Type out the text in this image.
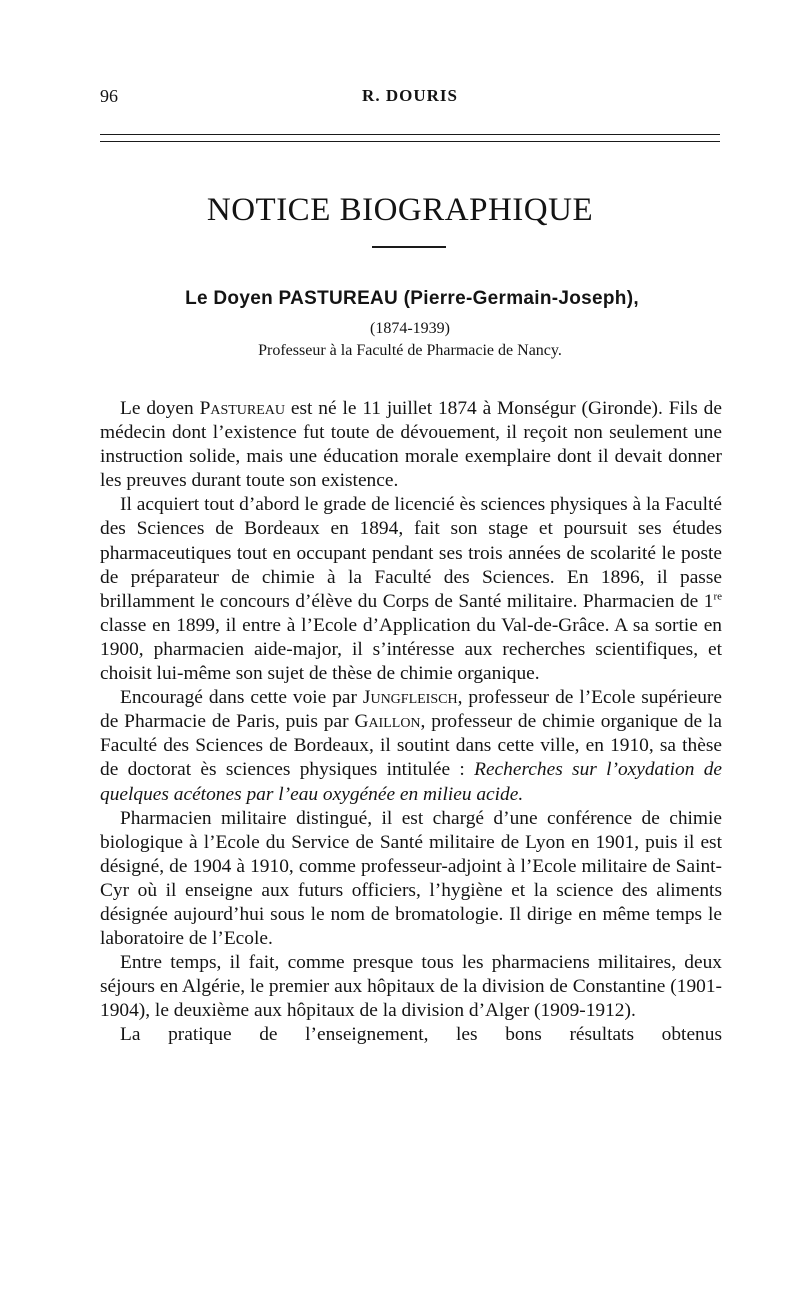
96	R. DOURIS
NOTICE BIOGRAPHIQUE
Le Doyen PASTUREAU (Pierre-Germain-Joseph),
(1874-1939)
Professeur à la Faculté de Pharmacie de Nancy.

Le doyen Pastureau est né le 11 juillet 1874 à Monségur (Gironde). Fils de médecin dont l’existence fut toute de dévouement, il reçoit non seulement une instruction solide, mais une éducation morale exemplaire dont il devait donner les preuves durant toute son existence.

Il acquiert tout d’abord le grade de licencié ès sciences physiques à la Faculté des Sciences de Bordeaux en 1894, fait son stage et poursuit ses études pharmaceutiques tout en occupant pendant ses trois années de scolarité le poste de préparateur de chimie à la Faculté des Sciences. En 1896, il passe brillamment le concours d’élève du Corps de Santé militaire. Pharmacien de 1re classe en 1899, il entre à l’Ecole d’Application du Val-de-Grâce. A sa sortie en 1900, pharmacien aide-major, il s’intéresse aux recherches scientifiques, et choisit lui-même son sujet de thèse de chimie organique.

Encouragé dans cette voie par Jungfleisch, professeur de l’Ecole supérieure de Pharmacie de Paris, puis par Gaillon, professeur de chimie organique de la Faculté des Sciences de Bordeaux, il soutint dans cette ville, en 1910, sa thèse de doctorat ès sciences physiques intitulée : Recherches sur l’oxydation de quelques acétones par l’eau oxygénée en milieu acide.

Pharmacien militaire distingué, il est chargé d’une conférence de chimie biologique à l’Ecole du Service de Santé militaire de Lyon en 1901, puis il est désigné, de 1904 à 1910, comme professeur-adjoint à l’Ecole militaire de Saint-Cyr où il enseigne aux futurs officiers, l’hygiène et la science des aliments désignée aujourd’hui sous le nom de bromatologie. Il dirige en même temps le laboratoire de l’Ecole.

Entre temps, il fait, comme presque tous les pharmaciens militaires, deux séjours en Algérie, le premier aux hôpitaux de la division de Constantine (1901-1904), le deuxième aux hôpitaux de la division d’Alger (1909-1912).

La pratique de l’enseignement, les bons résultats obtenus
